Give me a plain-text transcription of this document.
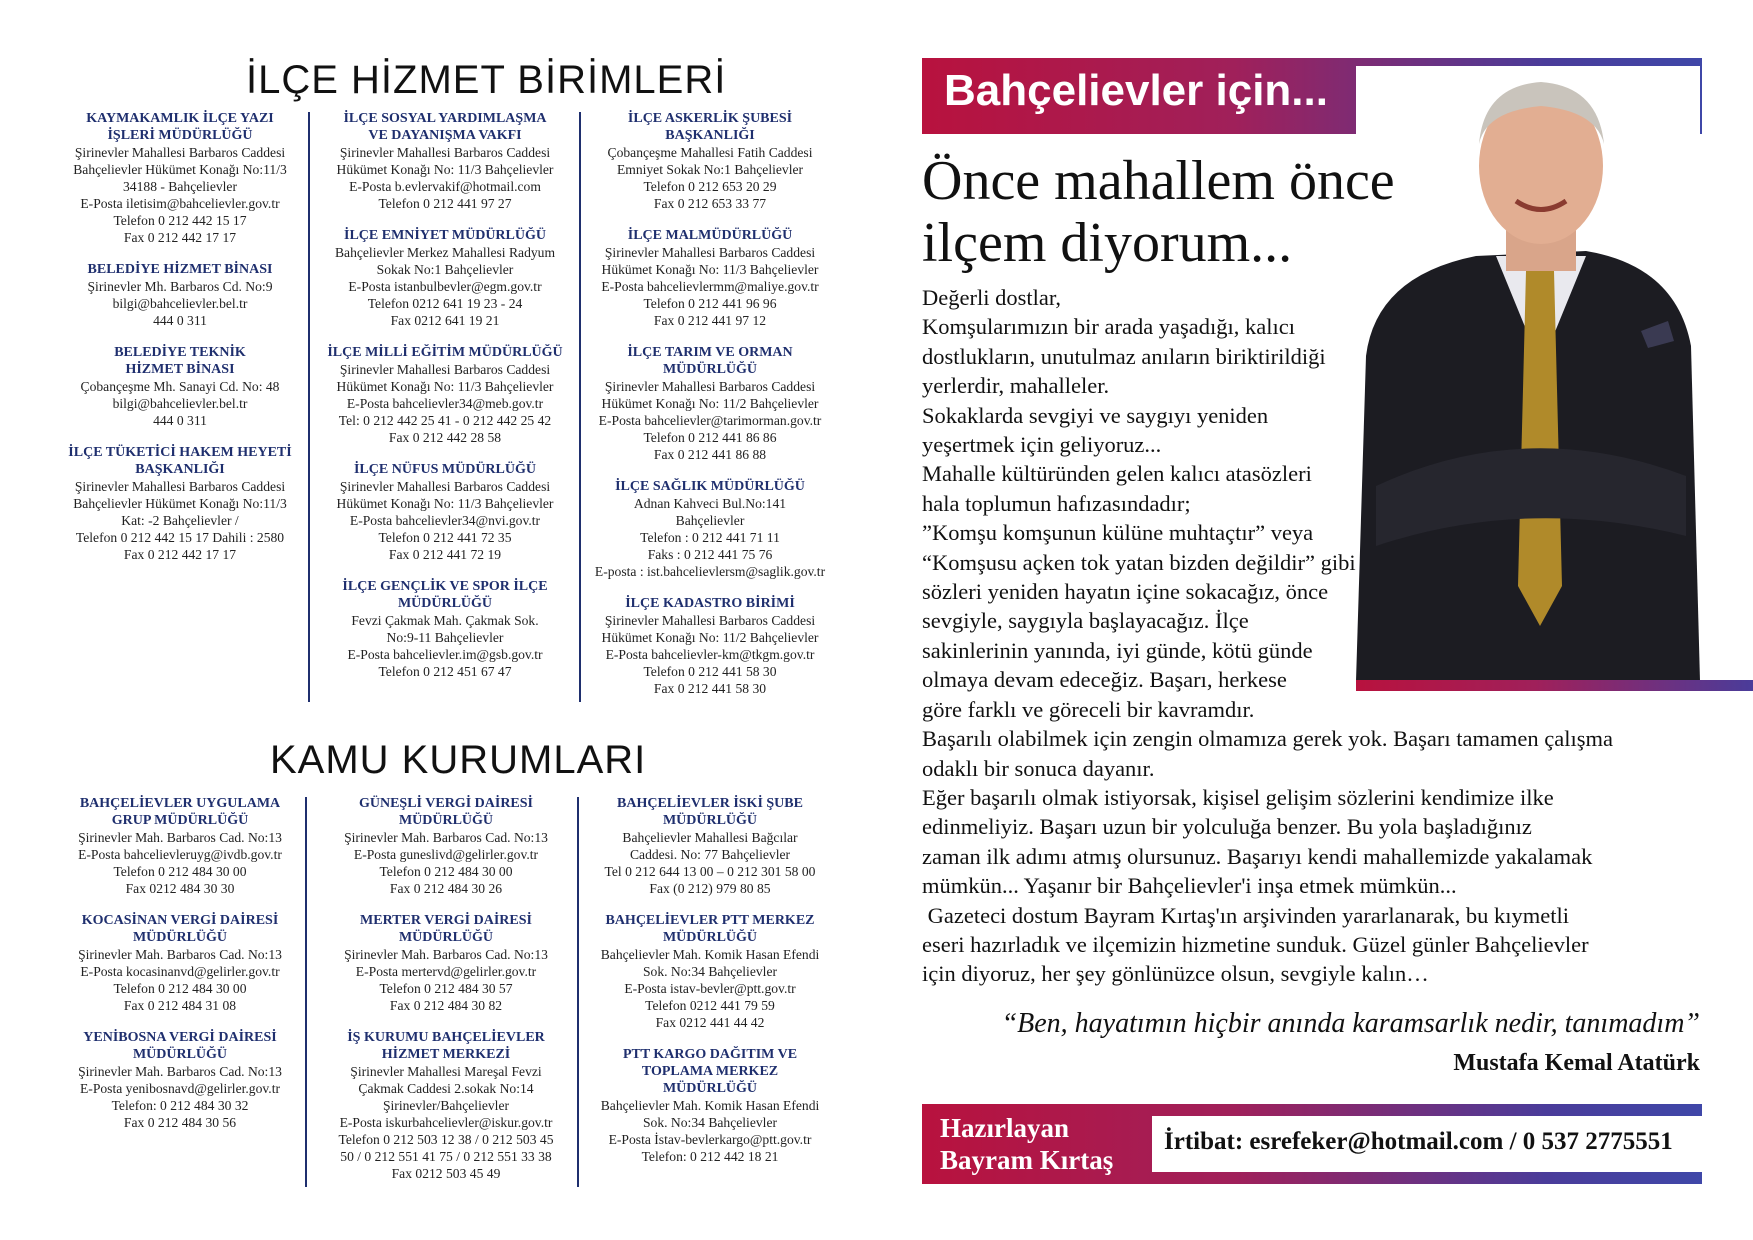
İLÇE HİZMET BİRİMLERİ
KAYMAKAMLIK İLÇE YAZI
İŞLERİ MÜDÜRLÜĞÜ
Şirinevler Mahallesi Barbaros Caddesi
Bahçelievler Hükümet Konağı No:11/3
34188 - Bahçelievler
E-Posta iletisim@bahcelievler.gov.tr
Telefon 0 212 442 15 17
Fax 0 212 442 17 17
BELEDİYE HİZMET BİNASI
Şirinevler Mh. Barbaros Cd. No:9
bilgi@bahcelievler.bel.tr
444 0 311
BELEDİYE TEKNİK
HİZMET BİNASI
Çobançeşme Mh. Sanayi Cd. No: 48
bilgi@bahcelievler.bel.tr
444 0 311
İLÇE TÜKETİCİ HAKEM HEYETİ
BAŞKANLIĞI
Şirinevler Mahallesi Barbaros Caddesi
Bahçelievler Hükümet Konağı No:11/3
Kat: -2 Bahçelievler /
Telefon 0 212 442 15 17 Dahili : 2580
Fax 0 212 442 17 17
İLÇE SOSYAL YARDIMLAŞMA
VE DAYANIŞMA VAKFI
Şirinevler Mahallesi Barbaros Caddesi
Hükümet Konağı No: 11/3 Bahçelievler
E-Posta b.evlervakif@hotmail.com
Telefon 0 212 441 97 27
İLÇE EMNİYET MÜDÜRLÜĞÜ
Bahçelievler Merkez Mahallesi Radyum
Sokak No:1 Bahçelievler
E-Posta istanbulbevler@egm.gov.tr
Telefon 0212 641 19 23 - 24
Fax 0212 641 19 21
İLÇE MİLLİ EĞİTİM MÜDÜRLÜĞÜ
Şirinevler Mahallesi Barbaros Caddesi
Hükümet Konağı No: 11/3 Bahçelievler
E-Posta bahcelievler34@meb.gov.tr
Tel: 0 212 442 25 41 - 0 212 442 25 42
Fax 0 212 442 28 58
İLÇE NÜFUS MÜDÜRLÜĞÜ
Şirinevler Mahallesi Barbaros Caddesi
Hükümet Konağı No: 11/3 Bahçelievler
E-Posta bahcelievler34@nvi.gov.tr
Telefon 0 212 441 72 35
Fax 0 212 441 72 19
İLÇE GENÇLİK VE SPOR İLÇE
MÜDÜRLÜĞÜ
Fevzi Çakmak Mah. Çakmak Sok.
No:9-11 Bahçelievler
E-Posta bahcelievler.im@gsb.gov.tr
Telefon 0 212 451 67 47
İLÇE ASKERLİK ŞUBESİ
BAŞKANLIĞI
Çobançeşme Mahallesi Fatih Caddesi
Emniyet Sokak No:1 Bahçelievler
Telefon 0 212 653 20 29
Fax 0 212 653 33 77
İLÇE MALMÜDÜRLÜĞÜ
Şirinevler Mahallesi Barbaros Caddesi
Hükümet Konağı No: 11/3 Bahçelievler
E-Posta bahcelievlermm@maliye.gov.tr
Telefon 0 212 441 96 96
Fax 0 212 441 97 12
İLÇE TARIM VE ORMAN
MÜDÜRLÜĞÜ
Şirinevler Mahallesi Barbaros Caddesi
Hükümet Konağı No: 11/2 Bahçelievler
E-Posta bahcelievler@tarimorman.gov.tr
Telefon 0 212 441 86 86
Fax 0 212 441 86 88
İLÇE SAĞLIK MÜDÜRLÜĞÜ
Adnan Kahveci Bul.No:141
Bahçelievler
Telefon : 0 212 441 71 11
Faks : 0 212 441 75 76
E-posta : ist.bahcelievlersm@saglik.gov.tr
İLÇE KADASTRO BİRİMİ
Şirinevler Mahallesi Barbaros Caddesi
Hükümet Konağı No: 11/2 Bahçelievler
E-Posta bahcelievler-km@tkgm.gov.tr
Telefon 0 212 441 58 30
Fax 0 212 441 58 30
KAMU KURUMLARI
BAHÇELİEVLER UYGULAMA
GRUP MÜDÜRLÜĞÜ
Şirinevler Mah. Barbaros Cad. No:13
E-Posta bahcelievleruyg@ivdb.gov.tr
Telefon 0 212 484 30 00
Fax 0212 484 30 30
KOCASİNAN VERGİ DAİRESİ
MÜDÜRLÜĞÜ
Şirinevler Mah. Barbaros Cad. No:13
E-Posta kocasinanvd@gelirler.gov.tr
Telefon 0 212 484 30 00
Fax 0 212 484 31 08
YENİBOSNA VERGİ DAİRESİ
MÜDÜRLÜĞÜ
Şirinevler Mah. Barbaros Cad. No:13
E-Posta yenibosnavd@gelirler.gov.tr
Telefon: 0 212 484 30 32
Fax 0 212 484 30 56
GÜNEŞLİ VERGİ DAİRESİ
MÜDÜRLÜĞÜ
Şirinevler Mah. Barbaros Cad. No:13
E-Posta guneslivd@gelirler.gov.tr
Telefon 0 212 484 30 00
Fax 0 212 484 30 26
MERTER VERGİ DAİRESİ
MÜDÜRLÜĞÜ
Şirinevler Mah. Barbaros Cad. No:13
E-Posta mertervd@gelirler.gov.tr
Telefon 0 212 484 30 57
Fax 0 212 484 30 82
İŞ KURUMU BAHÇELİEVLER
HİZMET MERKEZİ
Şirinevler Mahallesi Mareşal Fevzi
Çakmak Caddesi 2.sokak No:14
Şirinevler/Bahçelievler
E-Posta iskurbahcelievler@iskur.gov.tr
Telefon 0 212 503 12 38 / 0 212 503 45
50 / 0 212 551 41 75 / 0 212 551 33 38
Fax 0212 503 45 49
BAHÇELİEVLER İSKİ ŞUBE
MÜDÜRLÜĞÜ
Bahçelievler Mahallesi Bağcılar
Caddesi. No: 77 Bahçelievler
Tel 0 212 644 13 00 – 0 212 301 58 00
Fax (0 212) 979 80 85
BAHÇELİEVLER PTT MERKEZ
MÜDÜRLÜĞÜ
Bahçelievler Mah. Komik Hasan Efendi
Sok. No:34 Bahçelievler
E-Posta istav-bevler@ptt.gov.tr
Telefon 0212 441 79 59
Fax 0212 441 44 42
PTT KARGO DAĞITIM VE
TOPLAMA MERKEZ
MÜDÜRLÜĞÜ
Bahçelievler Mah. Komik Hasan Efendi
Sok. No:34 Bahçelievler
E-Posta İstav-bevlerkargo@ptt.gov.tr
Telefon: 0 212 442 18 21
Bahçelievler için...
Önce mahallem önce
ilçem diyorum...

Değerli dostlar,

Komşularımızın bir arada yaşadığı, kalıcı

dostlukların, unutulmaz anıların biriktirildiği

yerlerdir, mahalleler.

Sokaklarda sevgiyi ve saygıyı yeniden

yeşertmek için geliyoruz...

Mahalle kültüründen gelen kalıcı atasözleri

hala toplumun hafızasındadır;

”Komşu komşunun külüne muhtaçtır” veya

“Komşusu açken tok yatan bizden değildir” gibi

sözleri yeniden hayatın içine sokacağız, önce

sevgiyle, saygıyla başlayacağız. İlçe

sakinlerinin yanında, iyi günde, kötü günde

olmaya devam edeceğiz. Başarı, herkese

göre farklı ve göreceli bir kavramdır.

Başarılı olabilmek için zengin olmamıza gerek yok. Başarı tamamen çalışma

odaklı bir sonuca dayanır.

Eğer başarılı olmak istiyorsak, kişisel gelişim sözlerini kendimize ilke

edinmeliyiz. Başarı uzun bir yolculuğa benzer. Bu yola başladığınız

zaman ilk adımı atmış olursunuz. Başarıyı kendi mahallemizde yakalamak

mümkün... Yaşanır bir Bahçelievler'i inşa etmek mümkün...

Gazeteci dostum Bayram Kırtaş'ın arşivinden yararlanarak, bu kıymetli

eseri hazırladık ve ilçemizin hizmetine sunduk. Güzel günler Bahçelievler

için diyoruz, her şey gönlünüzce olsun, sevgiyle kalın…

“Ben, hayatımın hiçbir anında karamsarlık nedir, tanımadım”
Mustafa Kemal Atatürk
Hazırlayan
Bayram Kırtaş
İrtibat: esrefeker@hotmail.com / 0 537 2775551
